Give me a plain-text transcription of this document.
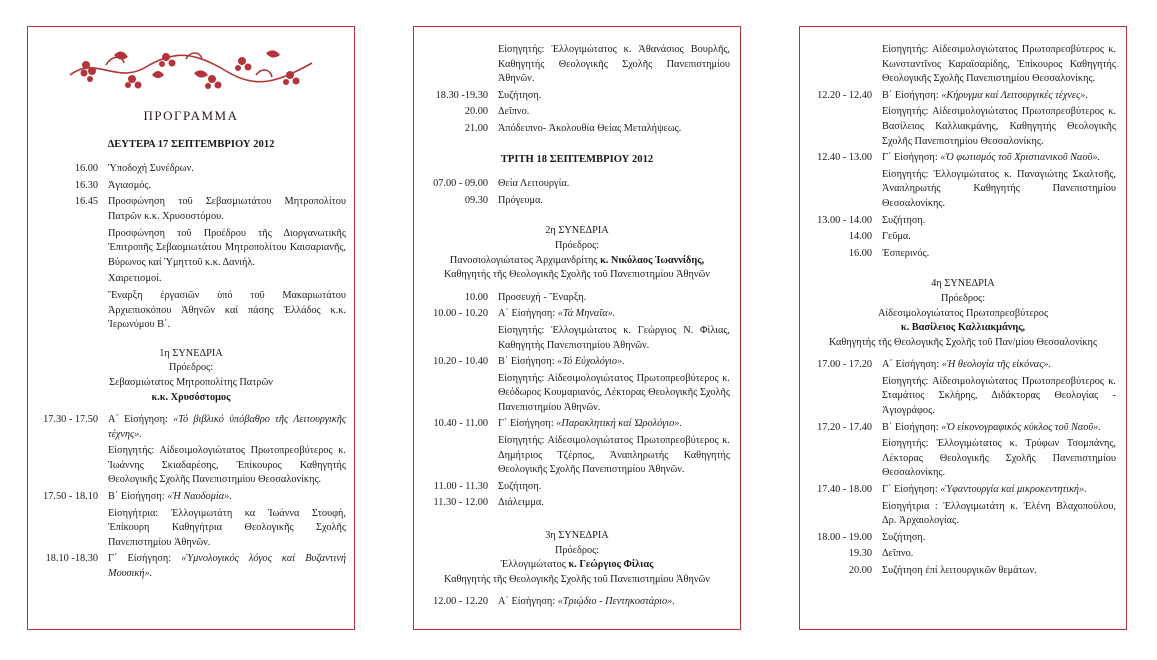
ΠΡΟΓΡΑΜΜΑ
ΔΕΥΤΕΡΑ 17 ΣΕΠΤΕΜΒΡΙΟΥ 2012
16.00 Ὑποδοχή Συνέδρων.
16.30 Ἁγιασμός.
16.45 Προσφώνηση τοῦ Σεβασμιωτάτου Μητροπολίτου Πατρῶν κ.κ. Χρυσοστόμου.
Προσφώνηση τοῦ Προέδρου τῆς Διοργανωτικῆς Ἐπιτροπῆς Σεβασμιωτάτου Μητροπολίτου Καισαριανῆς, Βύρωνος καί Ὑμηττοῦ κ.κ. Δανιήλ.
Χαιρετισμοί.
Ἔναρξη ἐργασιῶν ὑπό τοῦ Μακαριωτάτου Ἀρχιεπισκόπου Ἀθηνῶν καί πάσης Ἑλλάδος κ.κ. Ἱερωνύμου Β΄.
1η ΣΥΝΕΔΡΙΑ
Πρόεδρος:
Σεβασμιώτατος Μητροπολίτης Πατρῶν
κ.κ. Χρυσόστομος
17.30 - 17.50 Α΄ Εἰσήγηση: «Τό βιβλικό ὑπόβαθρο τῆς Λειτουργικῆς τέχνης».
Εἰσηγητής: Αἰδεσιμολογιώτατος Πρωτοπρεσβύτερος κ. Ἰωάννης Σκιαδαρέσης, Ἐπίκουρος Καθηγητής Θεολογικῆς Σχολῆς Πανεπιστημίου Θεσσαλονίκης.
17.50 - 18.10 Β΄ Εἰσήγηση: «Ἡ Ναοδομία».
Εἰσηγήτρια: Ἐλλογιμωτάτη κα Ἰωάννα Στουφή, Ἐπίκουρη Καθηγήτρια Θεολογικῆς Σχολῆς Πανεπιστημίου Ἀθηνῶν.
18.10 -18.30 Γ΄ Εἰσήγηση: «Ὑμνολογικός λόγος καί Βυζαντινή Μουσική».
Εἰσηγητής: Ἐλλογιμώτατος κ. Ἀθανάσιος Βουρλῆς, Καθηγητής Θεολογικῆς Σχολῆς Πανεπιστημίου Ἀθηνῶν.
18.30 -19.30 Συζήτηση.
20.00 Δεῖπνο.
21.00 Ἀπόδειπνο- Ἀκολουθία Θείας Μεταλήψεως.
ΤΡΙΤΗ 18 ΣΕΠΤΕΜΒΡΙΟΥ 2012
07.00 - 09.00 Θεία Λειτουργία.
09.30 Πρόγευμα.
2η ΣΥΝΕΔΡΙΑ
Πρόεδρος:
Πανοσιολογιώτατος Ἀρχιμανδρίτης κ. Νικόλαος Ἰωαννίδης,
Καθηγητής τῆς Θεολογικῆς Σχολῆς τοῦ Πανεπιστημίου Ἀθηνῶν
10.00 Προσευχή - Ἔναρξη.
10.00 - 10.20 Α΄ Εἰσήγηση: «Τά Μηναῖα».
Εἰσηγητής: Ἐλλογιμώτατος κ. Γεώργιος Ν. Φίλιας, Καθηγητής Πανεπιστημίου Ἀθηνῶν.
10.20 - 10.40 Β΄ Εἰσήγηση: «Τό Εὐχολόγιο».
Εἰσηγητής: Αἰδεσιμολογιώτατος Πρωτοπρεσβύτερος κ. Θεόδωρος Κουμαριανός, Λέκτορας Θεολογικῆς Σχολῆς Πανεπιστημίου Ἀθηνῶν.
10.40 - 11.00 Γ΄ Εἰσήγηση: «Παρακλητική καί Ὡρολόγιο».
Εἰσηγητής: Αἰδεσιμολογιώτατος Πρωτοπρεσβύτερος κ. Δημήτριος Τζέρπος, Ἀναπληρωτής Καθηγητής Θεολογικῆς Σχολῆς Πανεπιστημίου Ἀθηνῶν.
11.00 - 11.30 Συζήτηση.
11.30 - 12.00 Διάλειμμα.
3η ΣΥΝΕΔΡΙΑ
Πρόεδρος:
Ἐλλογιμώτατος κ. Γεώργιος Φίλιας
Καθηγητής τῆς Θεολογικῆς Σχολῆς τοῦ Πανεπιστημίου Ἀθηνῶν
12.00 - 12.20 Α΄ Εἰσήγηση: «Τριῴδιο - Πεντηκοστάριο».
Εἰσηγητής: Αἰδεσιμολογιώτατος Πρωτοπρεσβύτερος κ. Κωνσταντῖνος Καραϊσαρίδης, Ἐπίκουρος Καθηγητής Θεολογικῆς Σχολῆς Πανεπιστημίου Θεσσαλονίκης.
12.20 - 12.40 Β΄ Εἰσήγηση: «Κήρυγμα καί Λειτουργικές τέχνες».
Εἰσηγητής: Αἰδεσιμολογιώτατος Πρωτοπρεσβύτερος κ. Βασίλειος Καλλιακμάνης, Καθηγητής Θεολογικῆς Σχολῆς Πανεπιστημίου Θεσσαλονίκης.
12.40 - 13.00 Γ΄ Εἰσήγηση: «Ὁ φωτισμός τοῦ Χριστιανικοῦ Ναοῦ».
Εἰσηγητής: Ἐλλογιμώτατος κ. Παναγιώτης Σκαλτσῆς, Ἀναπληρωτής Καθηγητής Πανεπιστημίου Θεσσαλονίκης.
13.00 - 14.00 Συζήτηση.
14.00 Γεῦμα.
16.00 Ἑσπερινός.
4η ΣΥΝΕΔΡΙΑ
Πρόεδρος:
Αἰδεσιμολογιώτατος Πρωτοπρεσβύτερος
κ. Βασίλειος Καλλιακμάνης,
Καθηγητής τῆς Θεολογικῆς Σχολῆς τοῦ Παν/μίου Θεσσαλονίκης
17.00 - 17.20 Α΄ Εἰσήγηση: «Ἡ θεολογία τῆς εἰκόνας».
Εἰσηγητής: Αἰδεσιμολογιώτατος Πρωτοπρεσβύτερος κ. Σταμάτιος Σκλήρης, Διδάκτορας Θεολογίας - Ἁγιογράφος.
17.20 - 17.40 Β΄ Εἰσήγηση: «Ὁ εἰκονογραφικός κύκλος τοῦ Ναοῦ».
Εἰσηγητής: Ἐλλογιμώτατος κ. Τρύφων Τσομπάνης, Λέκτορας Θεολογικῆς Σχολῆς Πανεπιστημίου Θεσσαλονίκης.
17.40 - 18.00 Γ΄ Εἰσήγηση: «Ὑφαντουργία καί μικροκεντητική».
Εἰσηγήτρια : Ἐλλογιμωτάτη κ. Ἑλένη Βλαχοπούλου, Δρ. Ἀρχαιολογίας.
18.00 - 19.00 Συζήτηση.
19.30 Δεῖπνο.
20.00 Συζήτηση ἐπί λειτουργικῶν θεμάτων.
